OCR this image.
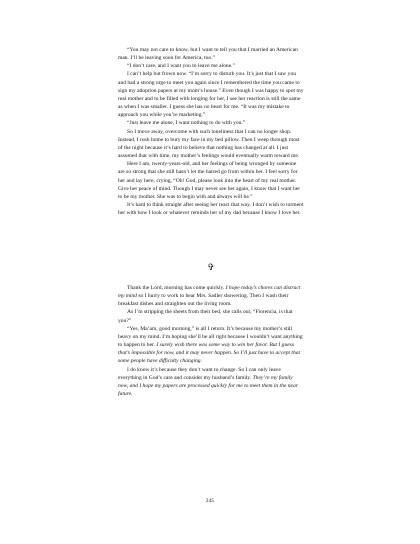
“You may not care to know, but I want to tell you that I married an American man. I’ll be leaving soon for America, too.”

“I don’t care, and I want you to leave me alone.”

I can’t help but frown now. “I’m sorry to disturb you. It’s just that I saw you and had a strong urge to meet you again since I remembered the time you came to sign my adoption papers at my mom’s house.” Even though I was happy to spot my real mother and to be filled with longing for her, I see her reaction is still the same as when I was smaller. I guess she has no heart for me. “It was my mistake to approach you while you’re marketing.”

“Just leave me alone, I want nothing to do with you.”

So I move away, overcome with such loneliness that I can no longer shop. Instead, I rush home to bury my face in my bed pillow. Then I weep through most of the night because it’s hard to believe that nothing has changed at all. I just assumed that with time, my mother’s feelings would eventually warm toward me.

Here I am, twenty-years-old, and her feelings of being wronged by someone are so strong that she still hasn’t let the hatred go from within her. I feel sorry for her and lay here, crying, “Oh! God, please look into the heart of my real mother. Give her peace of mind. Though I may never see her again, I know that I want her to be my mother. She was to begin with and always will be.”

It’s hard to think straight after seeing her react that way. I don’t wish to torment her with how I look or whatever reminds her of my dad because I know I love her.

✞

Thank the Lord, morning has come quickly. I hope today’s chores can distract my mind so I hurry to work to hear Mrs. Sadler showering. Then I wash their breakfast dishes and straighten out the living room.

As I’m stripping the sheets from their bed, she calls out, “Florencia, is that you?”

“Yes, Ma’am, good morning,” is all I return. It’s because my mother’s still heavy on my mind. I’m hoping she’ll be all right because I wouldn’t want anything to happen to her. I surely wish there was some way to win her favor. But I guess that’s impossible for now, and it may never happen. So I’ll just have to accept that some people have difficulty changing.

I do know it’s because they don’t want to change. So I can only leave everything in God’s care and consider my husband’s family. They’re my family now, and I hope my papers are processed quickly for me to meet them in the near future.

245
